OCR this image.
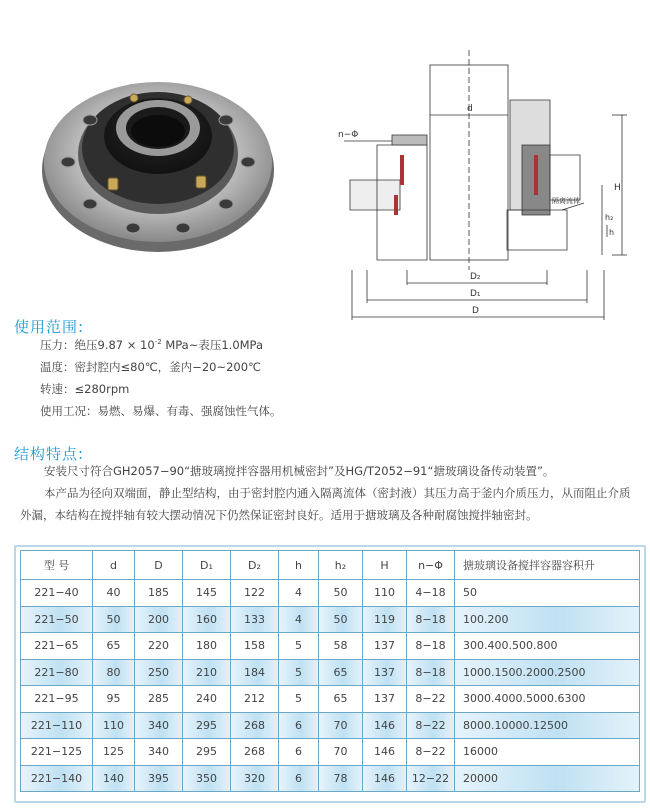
d
H
h₂
h
D₂
D₁
D
n−Φ
隔离流体
使用范围:
压力：绝压$9.87 \times 10^{-2}$ MPa~表压1.0MPa
温度：密封腔内≤80℃，釜内−20~200℃
转速：≤280rpm
使用工况：易燃、易爆、有毒、强腐蚀性气体。
结构特点:

安装尺寸符合GH2057−90“搪玻璃搅拌容器用机械密封”及HG/T2052−91“搪玻璃设备传动装置”。

本产品为径向双端面，静止型结构，由于密封腔内通入隔离流体（密封液）其压力高于釜内介质压力，从而阻止介质外漏，本结构在搅拌轴有较大摆动情况下仍然保证密封良好。适用于搪玻璃及各种耐腐蚀搅拌轴密封。

型 号	d	D	D₁	D₂	h	h₂	H	n−Φ	搪玻璃设备搅拌容器容积升
221−40	40	185	145	122	4	50	110	4−18	50
221−50	50	200	160	133	4	50	119	8−18	100.200
221−65	65	220	180	158	5	58	137	8−18	300.400.500.800
221−80	80	250	210	184	5	65	137	8−18	1000.1500.2000.2500
221−95	95	285	240	212	5	65	137	8−22	3000.4000.5000.6300
221−110	110	340	295	268	6	70	146	8−22	8000.10000.12500
221−125	125	340	295	268	6	70	146	8−22	16000
221−140	140	395	350	320	6	78	146	12−22	20000
